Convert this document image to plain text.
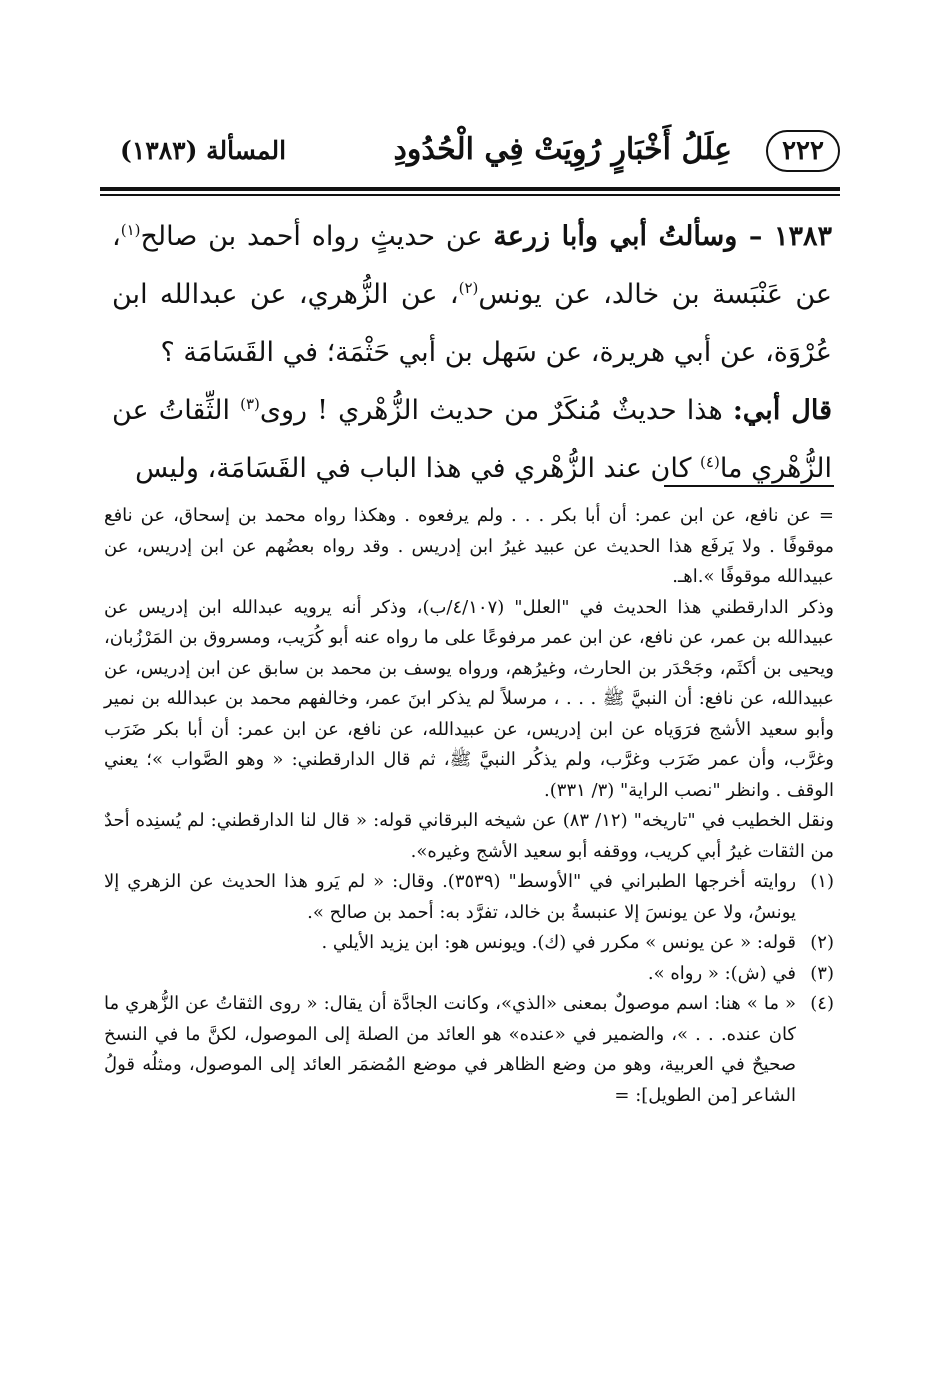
٢٢٢
عِلَلُ أَخْبَارٍ رُوِيَتْ فِي الْحُدُودِ
المسألة (١٣٨٣)

١٣٨٣ – وسألتُ أبي وأبا زرعة عن حديثٍ رواه أحمد بن صالح$^{(١)}$، عن عَنْبَسة بن خالد، عن يونس$^{(٢)}$، عن الزُّهري، عن عبدالله ابن عُرْوَة، عن أبي هريرة، عن سَهل بن أبي حَثْمَة؛ في القَسَامَة ؟

قال أبي: هذا حديثٌ مُنكَرٌ من حديث الزُّهْري ! روى$^{(٣)}$ الثِّقاتُ عن الزُّهْري ما$^{(٤)}$ كان عند الزُّهْري في هذا الباب في القَسَامَة، وليس

= عن نافع، عن ابن عمر: أن أبا بكر . . . ولم يرفعوه . وهكذا رواه محمد بن إسحاق، عن نافع موقوفًا . ولا يَرفَع هذا الحديث عن عبيد غيرُ ابن إدريس . وقد رواه بعضُهم عن ابن إدريس، عن عبيدالله موقوفًا ».اهـ.

وذكر الدارقطني هذا الحديث في "العلل" (٤/١٠٧/ب)، وذكر أنه يرويه عبدالله ابن إدريس عن عبيدالله بن عمر، عن نافع، عن ابن عمر مرفوعًا على ما رواه عنه أبو كُرَيب، ومسروق بن المَرْزُبان، ويحيى بن أكثَم، وجَحْدَر بن الحارث، وغيرُهم، ورواه يوسف بن محمد بن سابق عن ابن إدريس، عن عبيدالله، عن نافع: أن النبيَّ ﷺ . . . ، مرسلاً لم يذكر ابنَ عمر، وخالفهم محمد بن عبدالله بن نمير وأبو سعيد الأشج فرَوَياه عن ابن إدريس، عن عبيدالله، عن نافع، عن ابن عمر: أن أبا بكر ضَرَب وغرَّب، وأن عمر ضَرَب وغرَّب، ولم يذكُر النبيَّ ﷺ، ثم قال الدارقطني: « وهو الصَّواب »؛ يعني الوقف . وانظر "نصب الراية" (٣/ ٣٣١).

ونقل الخطيب في "تاريخه" (١٢/ ٨٣) عن شيخه البرقاني قوله: « قال لنا الدارقطني: لم يُسنِده أحدٌ من الثقات غيرُ أبي كريب، ووقفه أبو سعيد الأشج وغيره».

(١)

روايته أخرجها الطبراني في "الأوسط" (٣٥٣٩). وقال: « لم يَرو هذا الحديث عن الزهري إلا يونسُ، ولا عن يونسَ إلا عنبسةُ بن خالد، تفرَّد به: أحمد بن صالح ».

(٢)

قوله: « عن يونس » مكرر في (ك). ويونس هو: ابن يزيد الأيلي .

(٣)

في (ش): « رواه ».

(٤)

« ما » هنا: اسم موصولٌ بمعنى «الذي»، وكانت الجادَّة أن يقال: « روى الثقاتُ عن الزُّهري ما كان عنده. . . »، والضمير في «عنده» هو العائد من الصلة إلى الموصول، لكنَّ ما في النسخ صحيحٌ في العربية، وهو من وضع الظاهر في موضع المُضمَر العائد إلى الموصول، ومثلُه قولُ الشاعر [من الطويل]: =
